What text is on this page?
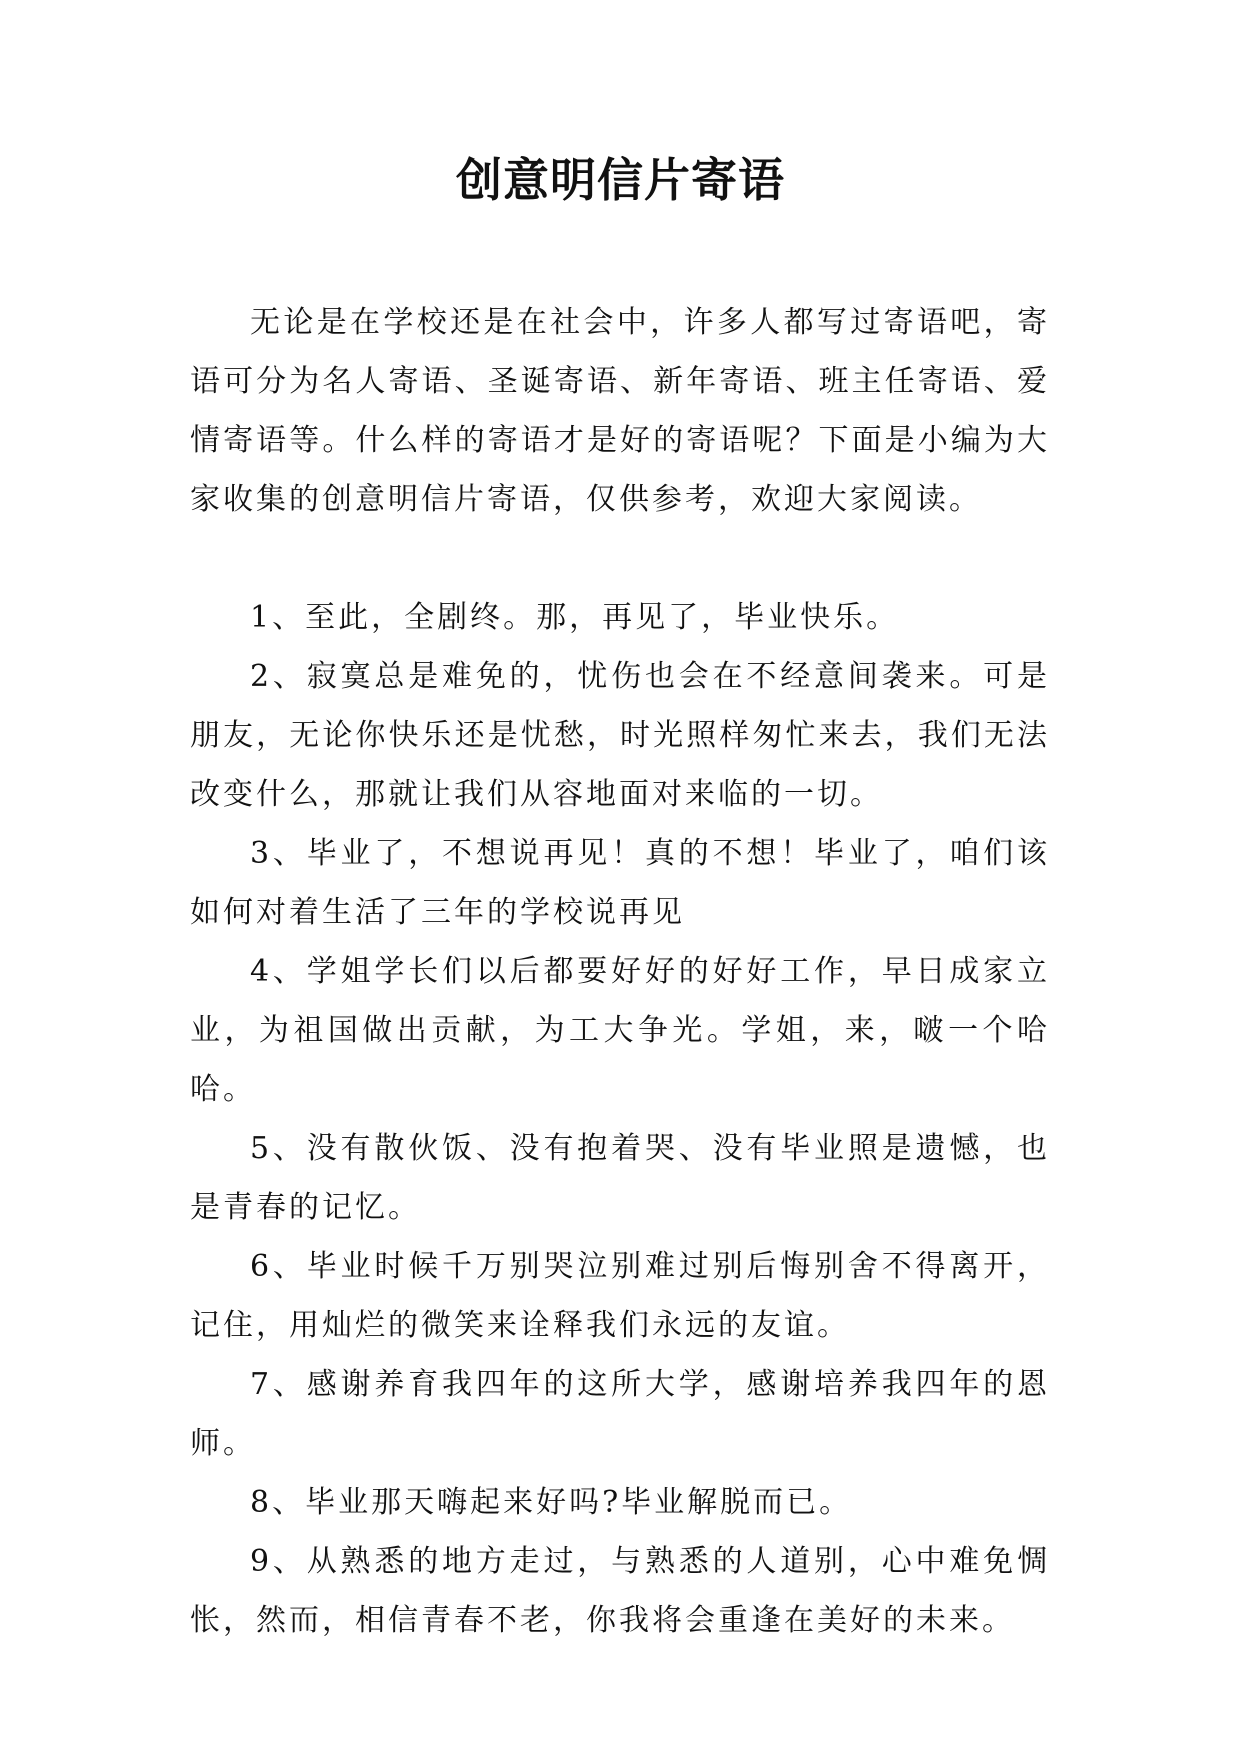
创意明信片寄语

无论是在学校还是在社会中，许多人都写过寄语吧，寄语可分为名人寄语、圣诞寄语、新年寄语、班主任寄语、爱情寄语等。什么样的寄语才是好的寄语呢？下面是小编为大家收集的创意明信片寄语，仅供参考，欢迎大家阅读。

1、至此，全剧终。那，再见了，毕业快乐。

2、寂寞总是难免的，忧伤也会在不经意间袭来。可是朋友，无论你快乐还是忧愁，时光照样匆忙来去，我们无法改变什么，那就让我们从容地面对来临的一切。

3、毕业了，不想说再见！真的不想！毕业了，咱们该如何对着生活了三年的学校说再见

4、学姐学长们以后都要好好的好好工作，早日成家立业，为祖国做出贡献，为工大争光。学姐，来，啵一个哈哈。

5、没有散伙饭、没有抱着哭、没有毕业照是遗憾，也是青春的记忆。

6、毕业时候千万别哭泣别难过别后悔别舍不得离开，记住，用灿烂的微笑来诠释我们永远的友谊。

7、感谢养育我四年的这所大学，感谢培养我四年的恩师。

8、毕业那天嗨起来好吗?毕业解脱而已。

9、从熟悉的地方走过，与熟悉的人道别，心中难免惆怅，然而，相信青春不老，你我将会重逢在美好的未来。
